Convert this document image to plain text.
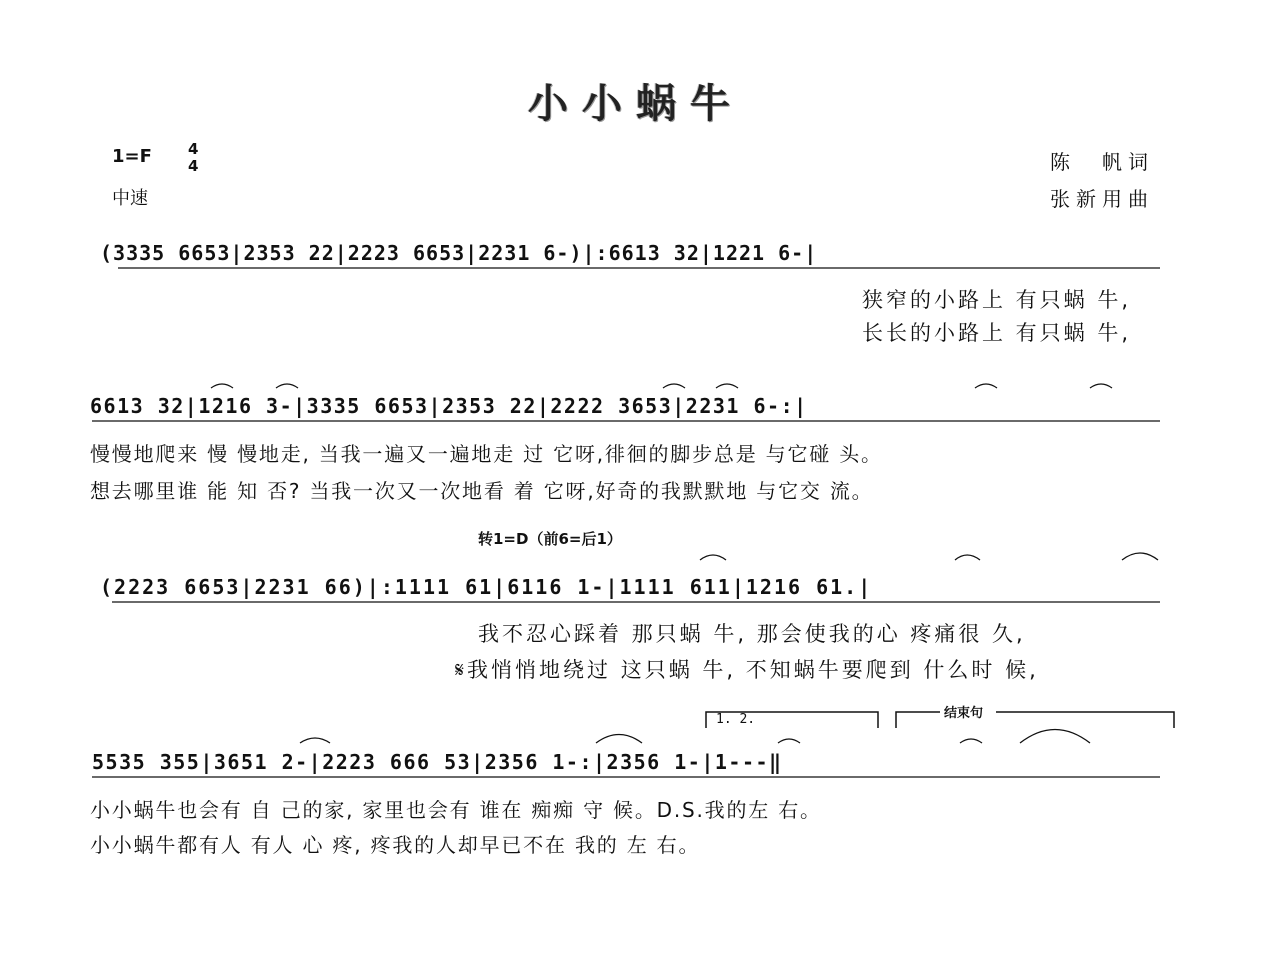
小小蜗牛
1=F 4
4
中速
陈　帆词
张新用曲
(3335 6653|2353 22|2223 6653|2231 6-)|:6613 32|1221 6-|
狭窄的小路上 有只蜗 牛,
长长的小路上 有只蜗 牛,
6613 32|1216 3-|3335 6653|2353 22|2222 3653|2231 6-:|
慢慢地爬来 慢 慢地走, 当我一遍又一遍地走 过 它呀,徘徊的脚步总是 与它碰 头。
想去哪里谁 能 知 否? 当我一次又一次地看 着 它呀,好奇的我默默地 与它交 流。
转1=D（前6=后1）
(2223 6653|2231 66)|:1111 61|6116 1-|1111 611|1216 61.|
我不忍心踩着 那只蜗 牛, 那会使我的心 疼痛很 久,
𝄋我悄悄地绕过 这只蜗 牛, 不知蜗牛要爬到 什么时 候,
1. 2.	结束句
5535 355|3651 2-|2223 666 53|2356 1-:|2356 1-|1---‖
小小蜗牛也会有 自 己的家, 家里也会有 谁在 痴痴 守 候。D.S.我的左 右。
小小蜗牛都有人 有人 心 疼, 疼我的人却早已不在 我的 左 右。
